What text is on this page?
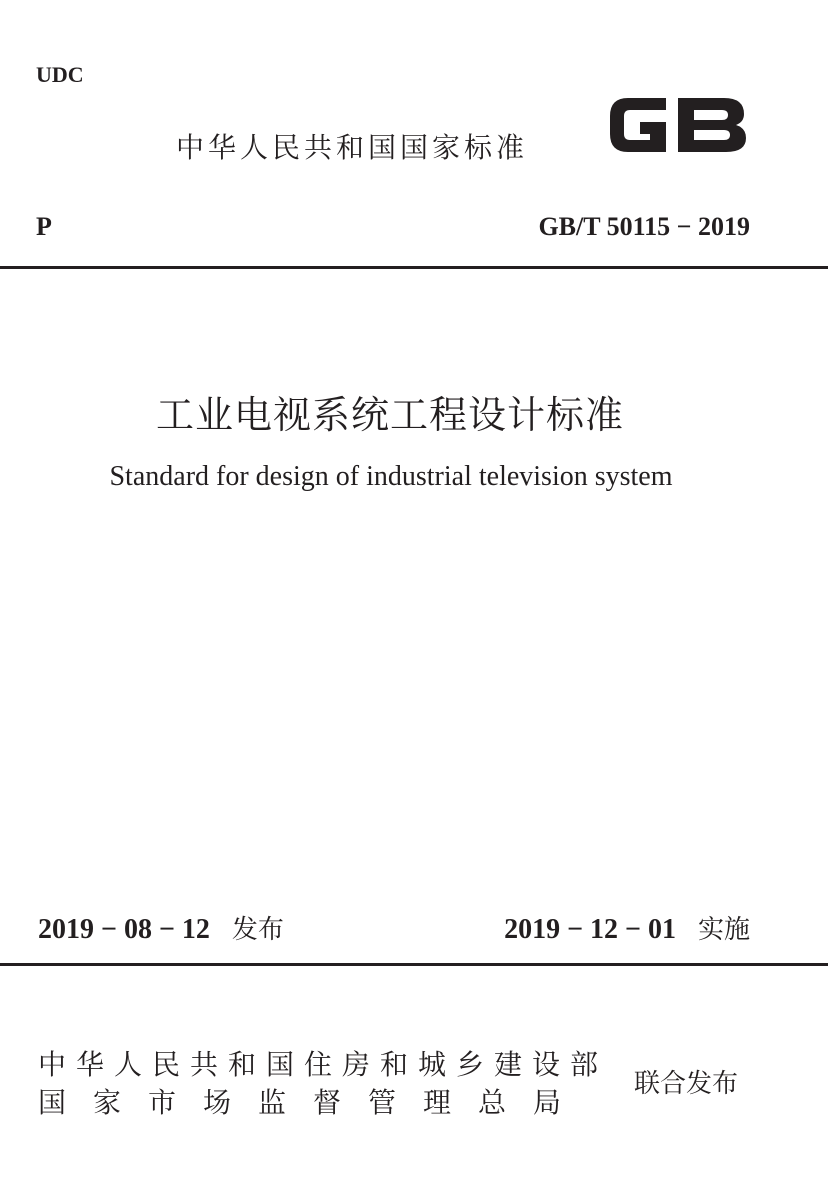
UDC
中华人民共和国国家标准
P	GB/T 50115 − 2019
工业电视系统工程设计标准
Standard for design of industrial television system
2019 − 08 − 12 发布	2019 − 12 − 01 实施
中华人民共和国住房和城乡建设部
国家市场监督管理总局
联合发布
